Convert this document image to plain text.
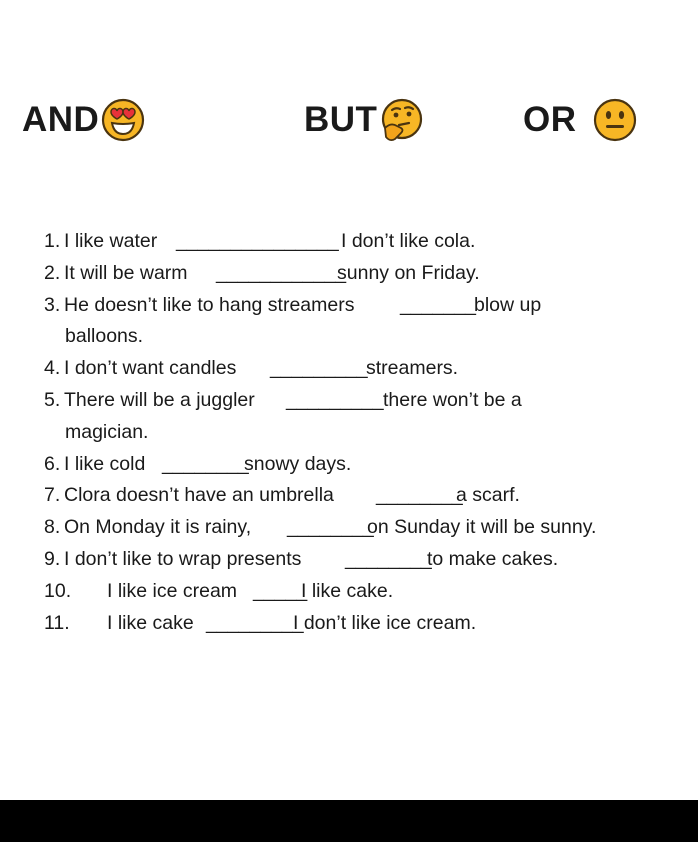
AND	BUT	OR
1. I like water _______________ I don’t like cola.
2. It will be warm ____________
sunny on Friday.
3. He doesn’t like to hang streamers _______
blow up
balloons.
4. I don’t want candles _________
streamers.
5. There will be a juggler _________ there won’t be a
magician.
6. I like cold ________
snowy days.
7. Clora doesn’t have an umbrella ________
a scarf.
8. On Monday it is rainy, ________
on Sunday it will be sunny.
9. I don’t like to wrap presents ________
to make cakes.
10. I like ice cream _____
I like cake.
11. I like cake _________
I don’t like ice cream.
